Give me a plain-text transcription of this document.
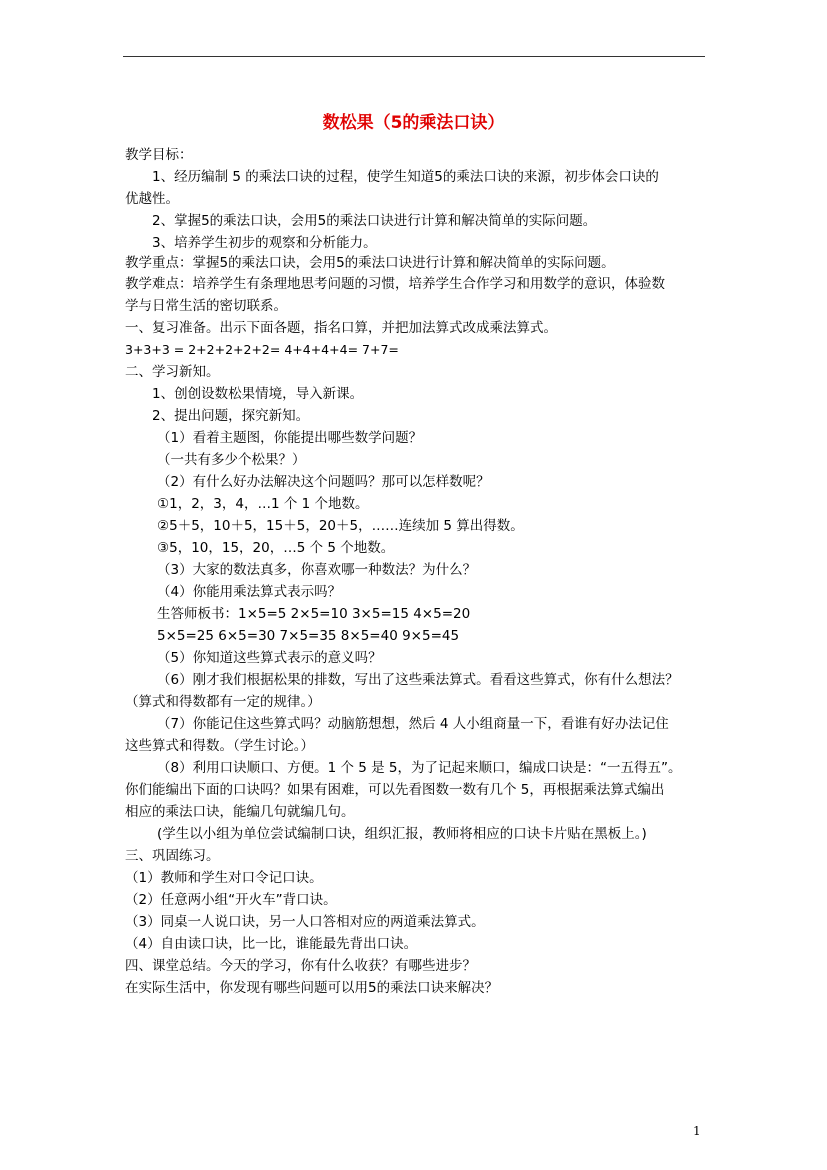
数松果（5的乘法口诀）
教学目标：
1、经历编制 5 的乘法口诀的过程，使学生知道5的乘法口诀的来源，初步体会口诀的
优越性。
2、掌握5的乘法口诀，会用5的乘法口诀进行计算和解决简单的实际问题。
3、培养学生初步的观察和分析能力。
教学重点：掌握5的乘法口诀，会用5的乘法口诀进行计算和解决简单的实际问题。
教学难点：培养学生有条理地思考问题的习惯，培养学生合作学习和用数学的意识，体验数
学与日常生活的密切联系。
一、复习准备。出示下面各题，指名口算，并把加法算式改成乘法算式。
3+3+3 = 2+2+2+2+2= 4+4+4+4= 7+7=
二、学习新知。
1、创创设数松果情境，导入新课。
2、提出问题，探究新知。
（1）看着主题图，你能提出哪些数学问题？
（一共有多少个松果？）
（2）有什么好办法解决这个问题吗？那可以怎样数呢？
①1，2，3，4，…1 个 1 个地数。
②5＋5，10＋5，15＋5，20＋5，……连续加 5 算出得数。
③5，10，15，20，…5 个 5 个地数。
（3）大家的数法真多，你喜欢哪一种数法？为什么？
（4）你能用乘法算式表示吗？
生答师板书：1×5=5 2×5=10 3×5=15 4×5=20
5×5=25 6×5=30 7×5=35 8×5=40 9×5=45
（5）你知道这些算式表示的意义吗？
（6）刚才我们根据松果的排数，写出了这些乘法算式。看看这些算式，你有什么想法？
（算式和得数都有一定的规律。）
（7）你能记住这些算式吗？动脑筋想想，然后 4 人小组商量一下，看谁有好办法记住
这些算式和得数。（学生讨论。）
（8）利用口诀顺口、方便。1 个 5 是 5，为了记起来顺口，编成口诀是：“一五得五”。
你们能编出下面的口诀吗？如果有困难，可以先看图数一数有几个 5，再根据乘法算式编出
相应的乘法口诀，能编几句就编几句。
(学生以小组为单位尝试编制口诀，组织汇报，教师将相应的口诀卡片贴在黑板上。)
三、巩固练习。
（1）教师和学生对口令记口诀。
（2）任意两小组“开火车”背口诀。
（3）同桌一人说口诀，另一人口答相对应的两道乘法算式。
（4）自由读口诀，比一比，谁能最先背出口诀。
四、课堂总结。今天的学习，你有什么收获？有哪些进步？
在实际生活中，你发现有哪些问题可以用5的乘法口诀来解决？
1
